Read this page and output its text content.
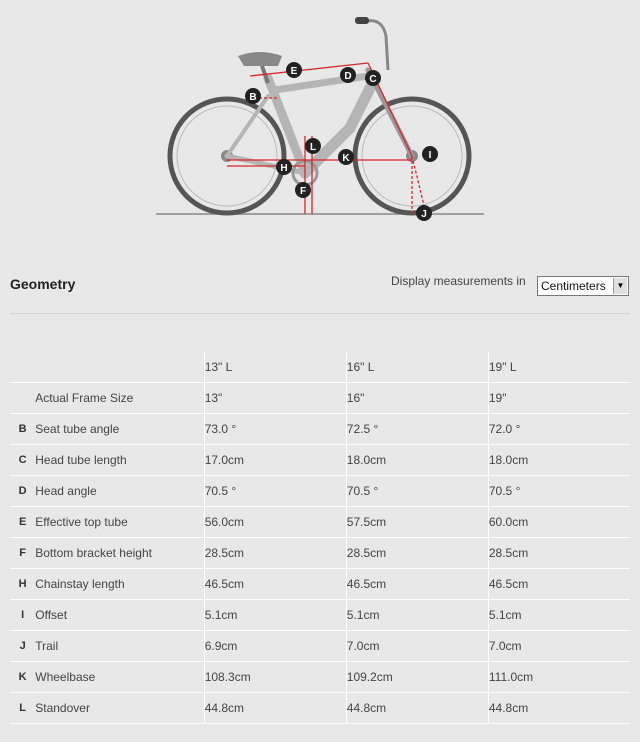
E	D C
B
L
K
H
I
F
J
Geometry	Display measurements in	Centimeters	▼
		13" L	16" L	19" L
	Actual Frame Size	13"	16"	19"
B	Seat tube angle	73.0 °	72.5 °	72.0 °
C	Head tube length	17.0cm	18.0cm	18.0cm
D	Head angle	70.5 °	70.5 °	70.5 °
E	Effective top tube	56.0cm	57.5cm	60.0cm
F	Bottom bracket height	28.5cm	28.5cm	28.5cm
H	Chainstay length	46.5cm	46.5cm	46.5cm
I	Offset	5.1cm	5.1cm	5.1cm
J	Trail	6.9cm	7.0cm	7.0cm
K	Wheelbase	108.3cm	109.2cm	111.0cm
L	Standover	44.8cm	44.8cm	44.8cm
